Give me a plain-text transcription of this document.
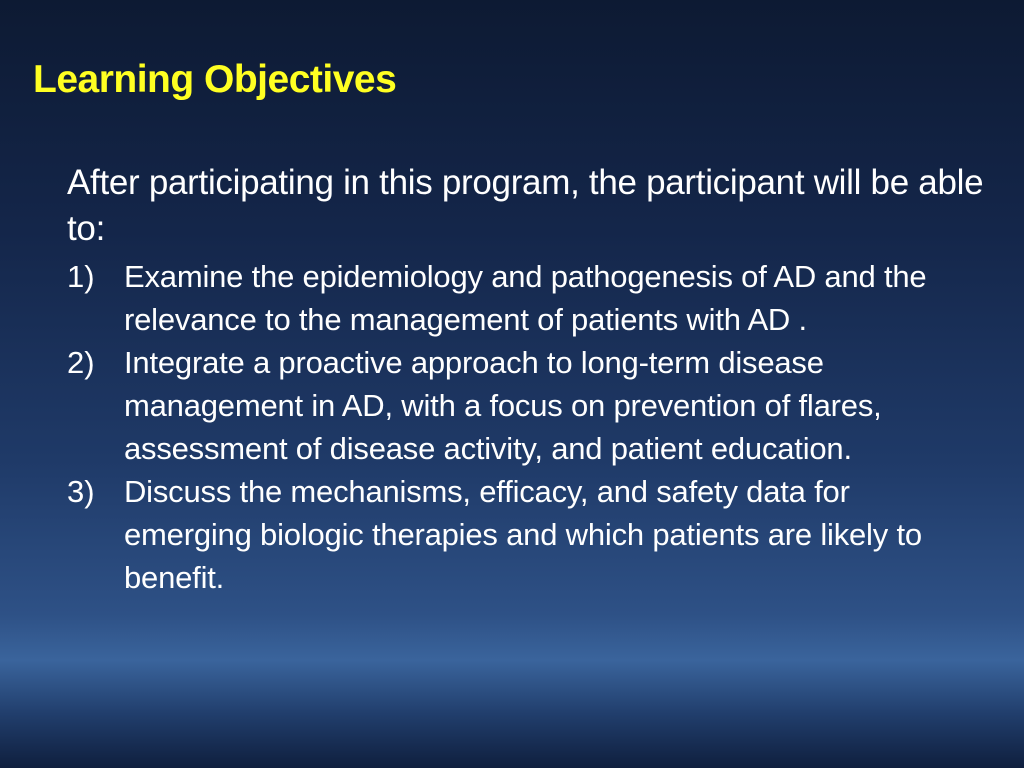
Learning Objectives

After participating in this program, the participant will be able to:

1) Examine the epidemiology and pathogenesis of AD and the relevance to the management of patients with AD .
2) Integrate a proactive approach to long-term disease management in AD, with a focus on prevention of flares, assessment of disease activity, and patient education.
3) Discuss the mechanisms, efficacy, and safety data for emerging biologic therapies and which patients are likely to benefit.
